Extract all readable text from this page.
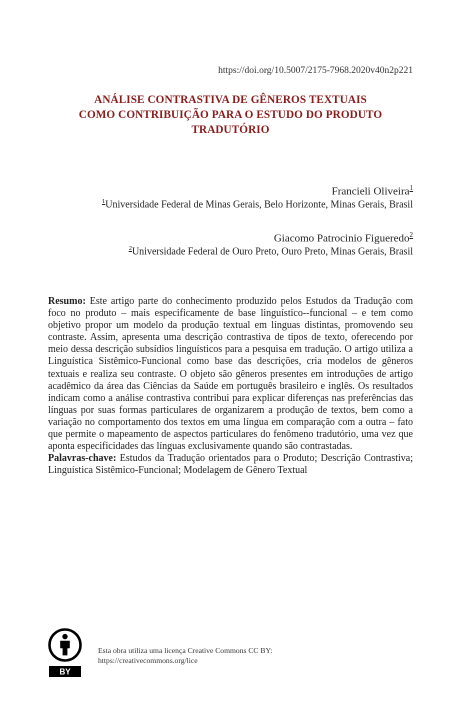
https://doi.org/10.5007/2175-7968.2020v40n2p221
ANÁLISE CONTRASTIVA DE GÊNEROS TEXTUAIS
COMO CONTRIBUIÇÃO PARA O ESTUDO DO PRODUTO
TRADUTÓRIO
Francieli Oliveira$^1$
$^1$Universidade Federal de Minas Gerais, Belo Horizonte, Minas Gerais, Brasil
Giacomo Patrocinio Figueredo$^2$
$^2$Universidade Federal de Ouro Preto, Ouro Preto, Minas Gerais, Brasil

Resumo: Este artigo parte do conhecimento produzido pelos Estudos da Tradução com foco no produto – mais especificamente de base linguístico--funcional – e tem como objetivo propor um modelo da produção textual em línguas distintas, promovendo seu contraste. Assim, apresenta uma descrição contrastiva de tipos de texto, oferecendo por meio dessa descrição subsídios linguísticos para a pesquisa em tradução. O artigo utiliza a Linguística Sistêmico-Funcional como base das descrições, cria modelos de gêneros textuais e realiza seu contraste. O objeto são gêneros presentes em introduções de artigo acadêmico da área das Ciências da Saúde em português brasileiro e inglês. Os resultados indicam como a análise contrastiva contribui para explicar diferenças nas preferências das línguas por suas formas particulares de organizarem a produção de textos, bem como a variação no comportamento dos textos em uma língua em comparação com a outra – fato que permite o mapeamento de aspectos particulares do fenômeno tradutório, uma vez que aponta especificidades das línguas exclusivamente quando são contrastadas.

Palavras-chave: Estudos da Tradução orientados para o Produto; Descrição Contrastiva; Linguística Sistêmico-Funcional; Modelagem de Gênero Textual

BY
Esta obra utiliza uma licença Creative Commons CC BY:
https://creativecommons.org/lice
